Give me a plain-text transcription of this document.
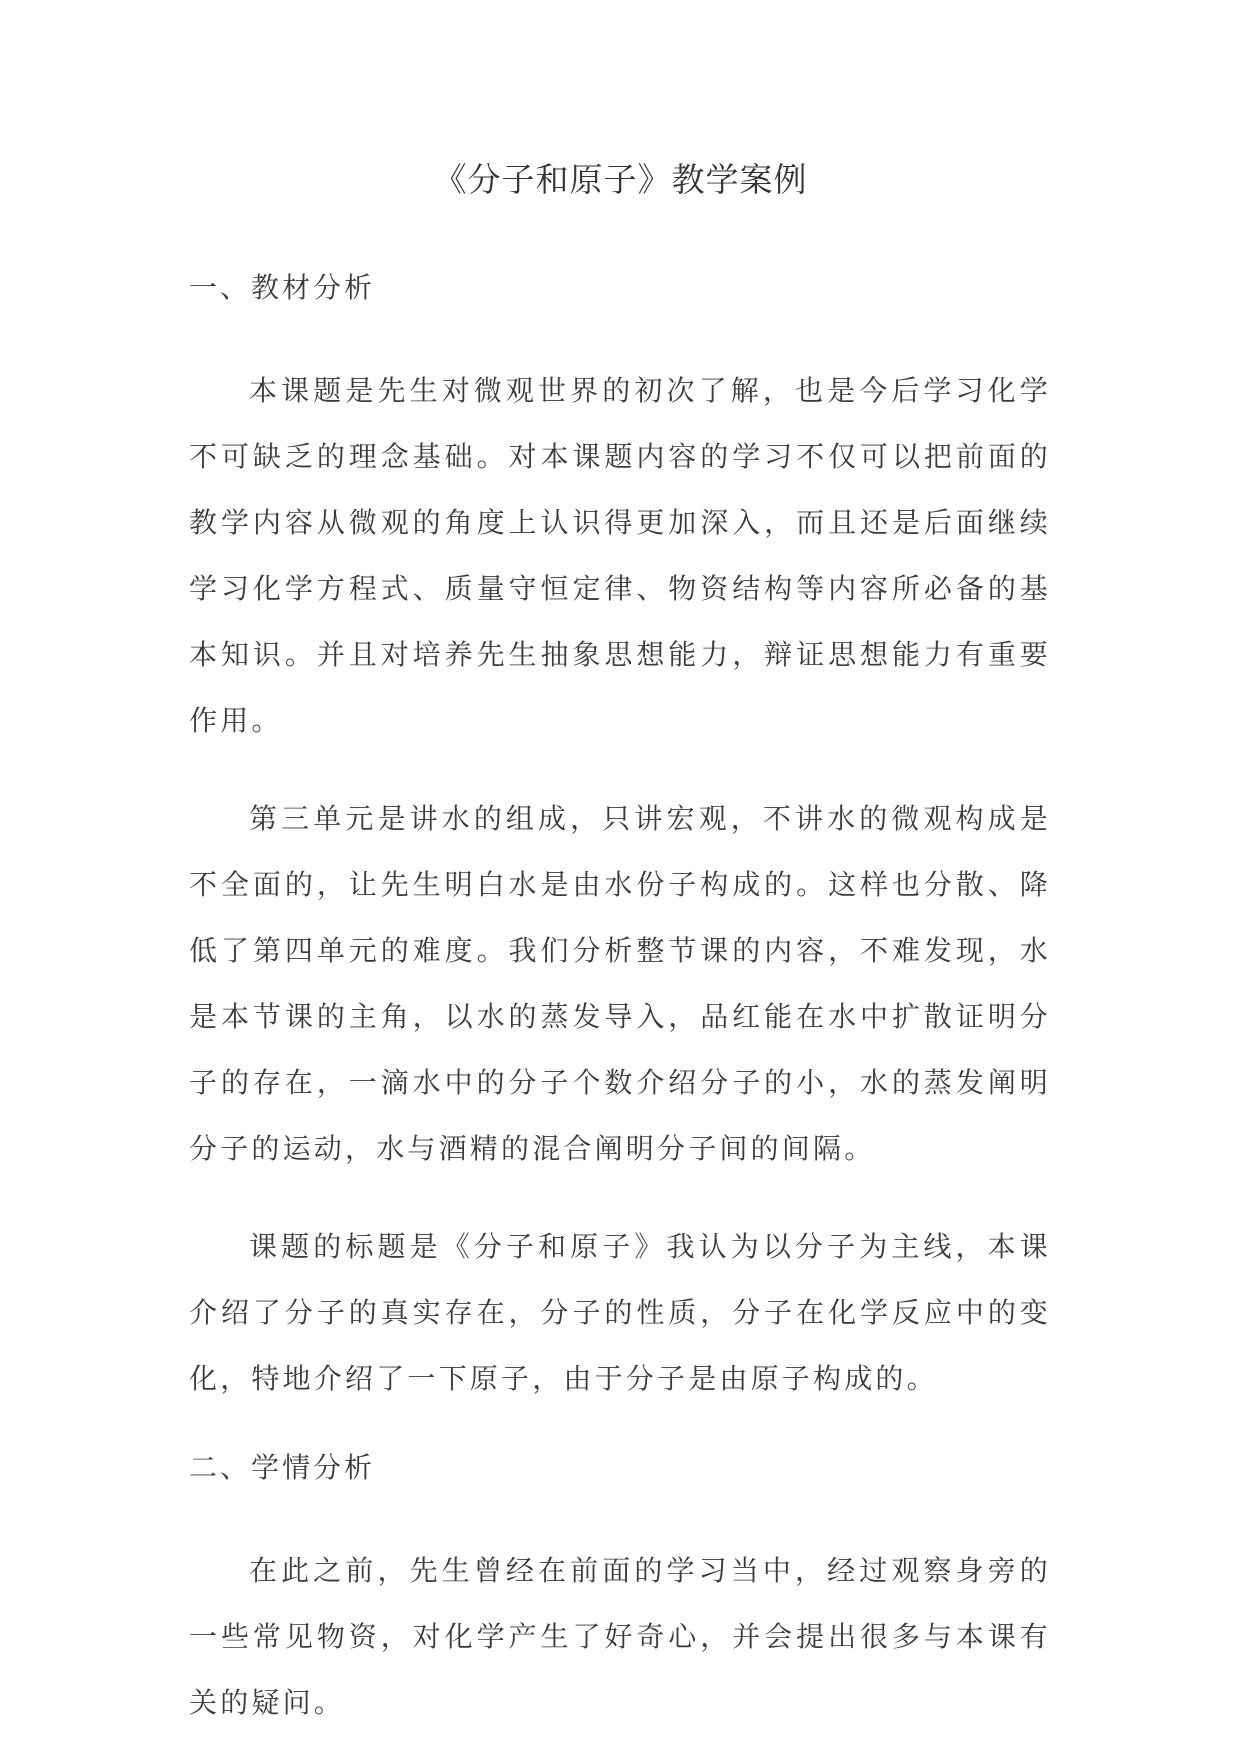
《分子和原子》教学案例

一、教材分析

本课题是先生对微观世界的初次了解，也是今后学习化学不可缺乏的理念基础。对本课题内容的学习不仅可以把前面的教学内容从微观的角度上认识得更加深入，而且还是后面继续学习化学方程式、质量守恒定律、物资结构等内容所必备的基本知识。并且对培养先生抽象思想能力，辩证思想能力有重要作用。

第三单元是讲水的组成，只讲宏观，不讲水的微观构成是不全面的，让先生明白水是由水份子构成的。这样也分散、降低了第四单元的难度。我们分析整节课的内容，不难发现，水是本节课的主角，以水的蒸发导入，品红能在水中扩散证明分子的存在，一滴水中的分子个数介绍分子的小，水的蒸发阐明分子的运动，水与酒精的混合阐明分子间的间隔。

课题的标题是《分子和原子》我认为以分子为主线，本课介绍了分子的真实存在，分子的性质，分子在化学反应中的变化，特地介绍了一下原子，由于分子是由原子构成的。

二、学情分析

在此之前，先生曾经在前面的学习当中，经过观察身旁的一些常见物资，对化学产生了好奇心，并会提出很多与本课有关的疑问。
